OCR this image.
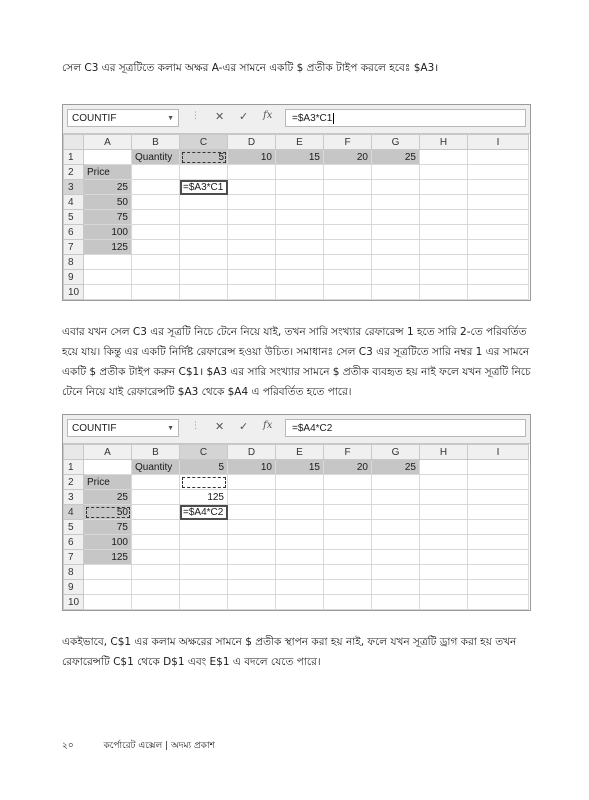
সেল C3 এর সূত্রটিতে কলাম অক্ষর A-এর সামনে একটি $ প্রতীক টাইপ করলে হবেঃ $A3।
COUNTIF	▼ ⋮ ✕ ✓ fx	=$A3*C1
	A	B	C	D	E	F	G	H	I
1		Quantity	5	10	15	20	25		
2	Price								
3	25		=$A3*C1						
4	50								
5	75								
6	100								
7	125								
8									
9									
10									
এবার যখন সেল C3 এর সূত্রটি নিচে টেনে নিয়ে যাই, তখন সারি সংখ্যার রেফারেন্স 1 হতে সারি 2-তে পরিবর্তিত
হয়ে যায়। কিন্তু এর একটি নির্দিষ্ট রেফারেন্স হওয়া উচিত। সমাধানঃ সেল C3 এর সূত্রটিতে সারি নম্বর 1 এর সামনে
একটি $ প্রতীক টাইপ করুন C$1। $A3 এর সারি সংখ্যার সামনে $ প্রতীক ব্যবহৃত হয় নাই ফলে যখন সূত্রটি নিচে
টেনে নিয়ে যাই রেফারেন্সটি $A3 থেকে $A4 এ পরিবর্তিত হতে পারে।
COUNTIF	▼ ⋮ ✕ ✓ fx	=$A4*C2
	A	B	C	D	E	F	G	H	I
1		Quantity	5	10	15	20	25		
2	Price								
3	25		125						
4	50		=$A4*C2						
5	75								
6	100								
7	125								
8									
9									
10									
একইভাবে, C$1 এর কলাম অক্ষরের সামনে $ প্রতীক স্থাপন করা হয় নাই, ফলে যখন সূত্রটি ড্রাগ করা হয় তখন
রেফারেন্সটি C$1 থেকে D$1 এবং E$1 এ বদলে যেতে পারে।
২০	কর্পোরেট এক্সেল | অদম্য প্রকাশ
